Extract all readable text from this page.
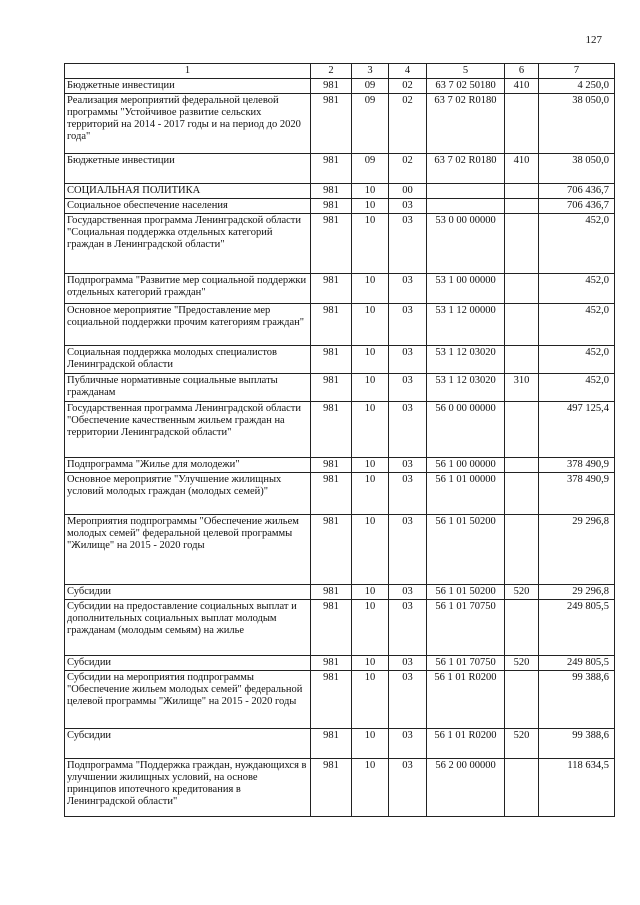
127
1	2	3	4	5	6	7
Бюджетные инвестиции	981	09	02	63 7 02 50180	410	4 250,0
Реализация мероприятий федеральной целевой программы "Устойчивое развитие сельских территорий на 2014 - 2017 годы и на период до 2020 года"	981	09	02	63 7 02 R0180		38 050,0
Бюджетные инвестиции	981	09	02	63 7 02 R0180	410	38 050,0
СОЦИАЛЬНАЯ ПОЛИТИКА	981	10	00			706 436,7
Социальное обеспечение населения	981	10	03			706 436,7
Государственная программа Ленинградской области "Социальная поддержка отдельных категорий граждан в Ленинградской области"	981	10	03	53 0 00 00000		452,0
Подпрограмма "Развитие мер социальной поддержки отдельных категорий граждан"	981	10	03	53 1 00 00000		452,0
Основное мероприятие "Предоставление мер социальной поддержки прочим категориям граждан"	981	10	03	53 1 12 00000		452,0
Социальная поддержка молодых специалистов Ленинградской области	981	10	03	53 1 12 03020		452,0
Публичные нормативные социальные выплаты гражданам	981	10	03	53 1 12 03020	310	452,0
Государственная программа Ленинградской области "Обеспечение качественным жильем граждан на территории Ленинградской области"	981	10	03	56 0 00 00000		497 125,4
Подпрограмма "Жилье для молодежи"	981	10	03	56 1 00 00000		378 490,9
Основное мероприятие "Улучшение жилищных условий молодых граждан (молодых семей)"	981	10	03	56 1 01 00000		378 490,9
Мероприятия подпрограммы "Обеспечение жильем молодых семей" федеральной целевой программы "Жилище" на 2015 - 2020 годы	981	10	03	56 1 01 50200		29 296,8
Субсидии	981	10	03	56 1 01 50200	520	29 296,8
Субсидии на предоставление социальных выплат и дополнительных социальных выплат молодым гражданам (молодым семьям) на жилье	981	10	03	56 1 01 70750		249 805,5
Субсидии	981	10	03	56 1 01 70750	520	249 805,5
Субсидии на мероприятия подпрограммы "Обеспечение жильем молодых семей" федеральной целевой программы "Жилище" на 2015 - 2020 годы	981	10	03	56 1 01 R0200		99 388,6
Субсидии	981	10	03	56 1 01 R0200	520	99 388,6
Подпрограмма "Поддержка граждан, нуждающихся в улучшении жилищных условий, на основе принципов ипотечного кредитования в Ленинградской области"	981	10	03	56 2 00 00000		118 634,5
